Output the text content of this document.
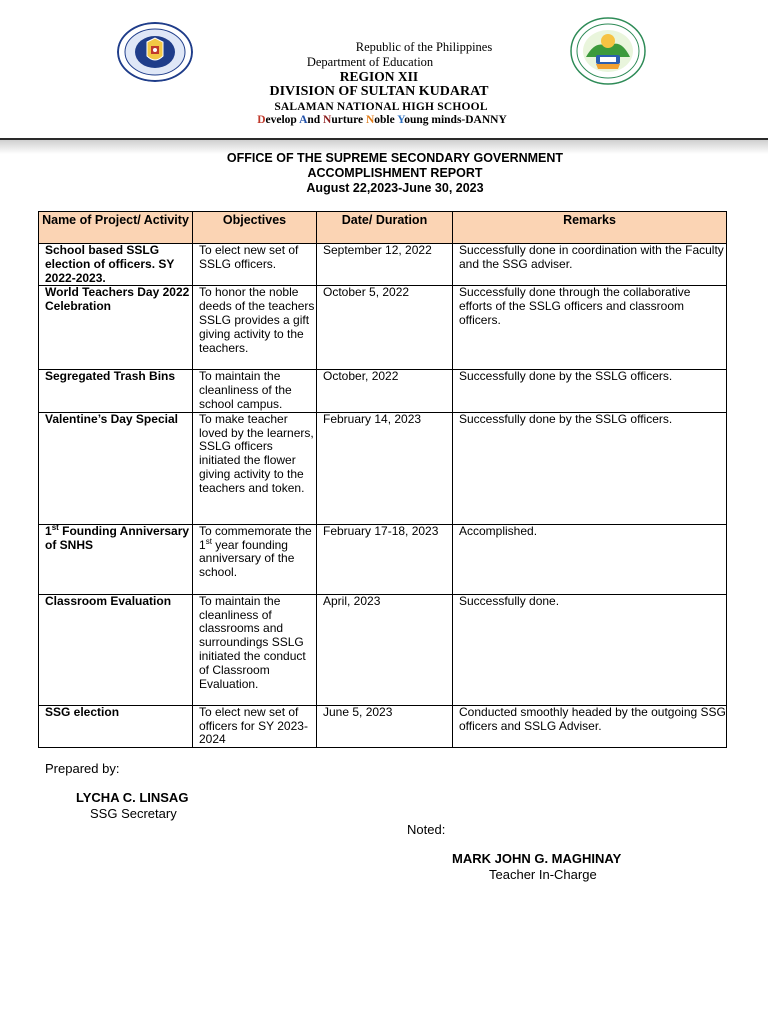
Republic of the Philippines
Department of Education
REGION XII
DIVISION OF SULTAN KUDARAT
SALAMAN NATIONAL HIGH SCHOOL
Develop And Nurture Noble Young minds-DANNY
OFFICE OF THE SUPREME SECONDARY GOVERNMENT
ACCOMPLISHMENT REPORT
August 22,2023-June 30, 2023
Name of Project/ Activity	Objectives	Date/ Duration	Remarks
School based SSLG election of officers. SY 2022-2023.	To elect new set of SSLG officers.	September 12, 2022	Successfully done in coordination with the Faculty and the SSG adviser.
World Teachers Day 2022 Celebration	To honor the noble deeds of the teachers SSLG provides a gift giving activity to the teachers.	October 5, 2022	Successfully done through the collaborative efforts of the SSLG officers and classroom officers.
Segregated Trash Bins	To maintain the cleanliness of the school campus.	October, 2022	Successfully done by the SSLG officers.
Valentine’s Day Special	To make teacher loved by the learners, SSLG officers initiated the flower giving activity to the teachers and token.	February 14, 2023	Successfully done by the SSLG officers.
1st Founding Anniversary of SNHS	To commemorate the 1st year founding anniversary of the school.	February 17-18, 2023	Accomplished.
Classroom Evaluation	To maintain the cleanliness of classrooms and surroundings SSLG initiated the conduct of Classroom Evaluation.	April, 2023	Successfully done.
SSG election	To elect new set of officers for SY 2023-2024	June 5, 2023	Conducted smoothly headed by the outgoing SSG officers and SSLG Adviser.
Prepared by:
LYCHA C. LINSAG
SSG Secretary
Noted:
MARK JOHN G. MAGHINAY
Teacher In-Charge
